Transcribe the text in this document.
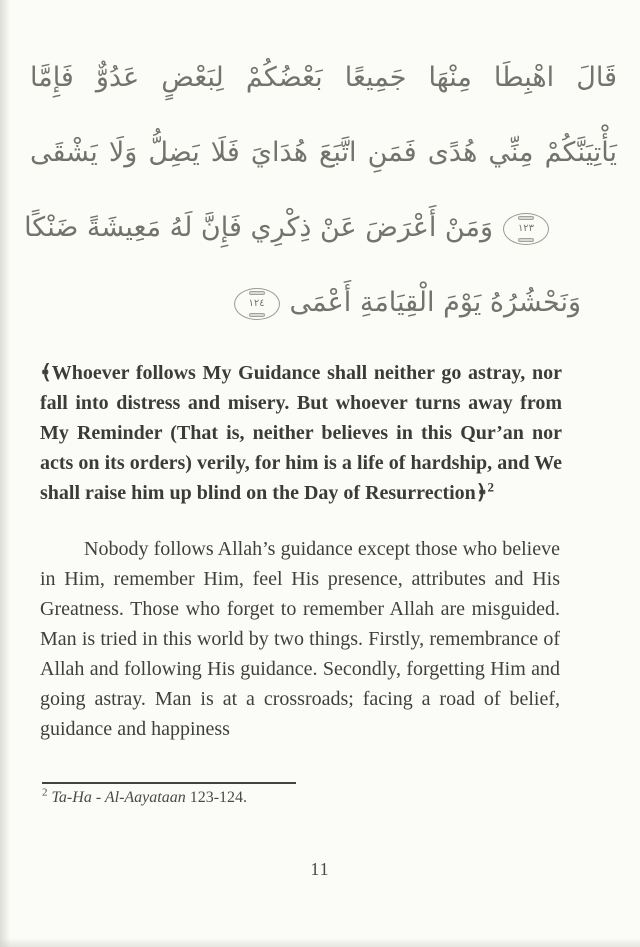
قَالَ اهْبِطَا مِنْهَا جَمِيعًا بَعْضُكُمْ لِبَعْضٍ عَدُوٌّ فَإِمَّا
يَأْتِيَنَّكُمْ مِنِّي هُدًى فَمَنِ اتَّبَعَ هُدَايَ فَلَا يَضِلُّ وَلَا يَشْقَى
١٢٣
وَمَنْ أَعْرَضَ عَنْ ذِكْرِي فَإِنَّ لَهُ مَعِيشَةً ضَنْكًا
وَنَحْشُرُهُ يَوْمَ الْقِيَامَةِ أَعْمَى
١٢٤

﴾Whoever follows My Guidance shall neither go astray, nor fall into distress and misery. But whoever turns away from My Reminder (That is, neither believes in this Qur’an nor acts on its orders) verily, for him is a life of hardship, and We shall raise him up blind on the Day of Resurrection﴿$^2$

Nobody follows Allah’s guidance except those who believe in Him, remember Him, feel His presence, attributes and His Greatness. Those who forget to remember Allah are misguided. Man is tried in this world by two things. Firstly, remembrance of Allah and following His guidance. Secondly, forgetting Him and going astray. Man is at a crossroads; facing a road of belief, guidance and happiness

$^2$ Ta-Ha - Al-Aayataan 123-124.

11
